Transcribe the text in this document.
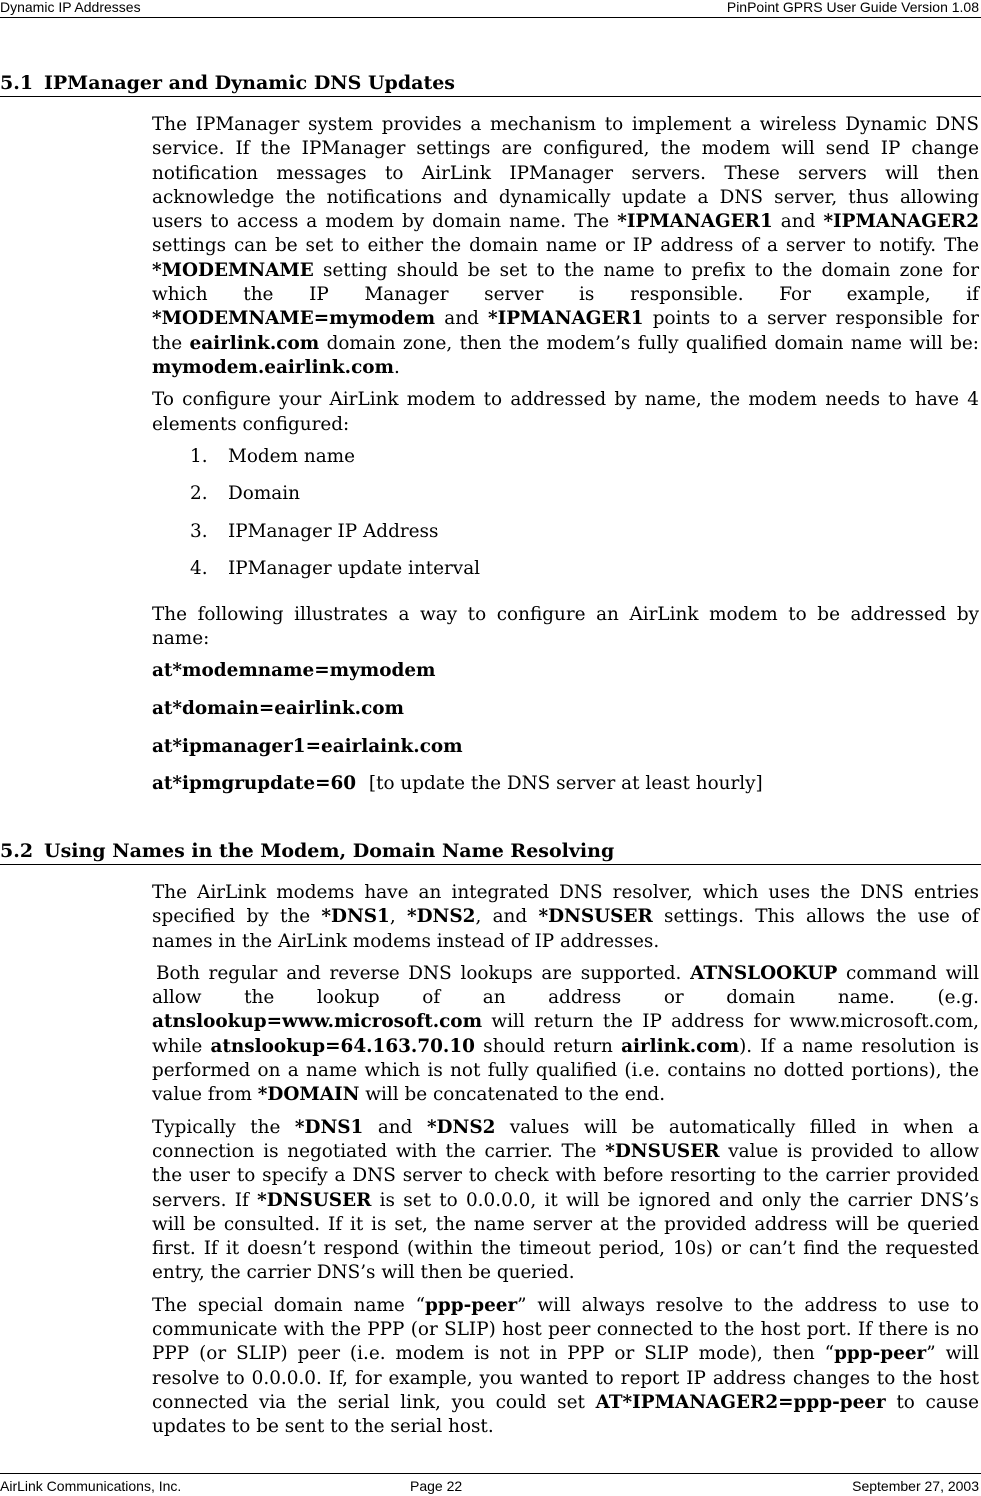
Dynamic IP Addresses	PinPoint GPRS User Guide Version 1.08
5.1 IPManager and Dynamic DNS Updates

The IPManager system provides a mechanism to implement a wireless Dynamic DNS service. If the IPManager settings are configured, the modem will send IP change notification messages to AirLink IPManager servers. These servers will then acknowledge the notifications and dynamically update a DNS server, thus allowing users to access a modem by domain name. The *IPMANAGER1 and *IPMANAGER2 settings can be set to either the domain name or IP address of a server to notify. The *MODEMNAME setting should be set to the name to prefix to the domain zone for which the IP Manager server is responsible. For example, if *MODEMNAME=mymodem and *IPMANAGER1 points to a server responsible for the eairlink.com domain zone, then the modem’s fully qualified domain name will be: mymodem.eairlink.com.

To configure your AirLink modem to addressed by name, the modem needs to have 4 elements configured:

1. Modem name
2. Domain
3. IPManager IP Address
4. IPManager update interval

The following illustrates a way to configure an AirLink modem to be addressed by name:

at*modemname=mymodem
at*domain=eairlink.com
at*ipmanager1=eairlaink.com
at*ipmgrupdate=60 [to update the DNS server at least hourly]
5.2 Using Names in the Modem, Domain Name Resolving

The AirLink modems have an integrated DNS resolver, which uses the DNS entries specified by the *DNS1, *DNS2, and *DNSUSER settings. This allows the use of names in the AirLink modems instead of IP addresses.

Both regular and reverse DNS lookups are supported. ATNSLOOKUP command will allow the lookup of an address or domain name. (e.g. atnslookup=www.microsoft.com will return the IP address for www.microsoft.com, while atnslookup=64.163.70.10 should return airlink.com). If a name resolution is performed on a name which is not fully qualified (i.e. contains no dotted portions), the value from *DOMAIN will be concatenated to the end.

Typically the *DNS1 and *DNS2 values will be automatically filled in when a connection is negotiated with the carrier. The *DNSUSER value is provided to allow the user to specify a DNS server to check with before resorting to the carrier provided servers. If *DNSUSER is set to 0.0.0.0, it will be ignored and only the carrier DNS’s will be consulted. If it is set, the name server at the provided address will be queried first. If it doesn’t respond (within the timeout period, 10s) or can’t find the requested entry, the carrier DNS’s will then be queried.

The special domain name “ppp-peer” will always resolve to the address to use to communicate with the PPP (or SLIP) host peer connected to the host port. If there is no PPP (or SLIP) peer (i.e. modem is not in PPP or SLIP mode), then “ppp-peer” will resolve to 0.0.0.0. If, for example, you wanted to report IP address changes to the host connected via the serial link, you could set AT*IPMANAGER2=ppp-peer to cause updates to be sent to the serial host.

AirLink Communications, Inc.	Page 22	September 27, 2003
